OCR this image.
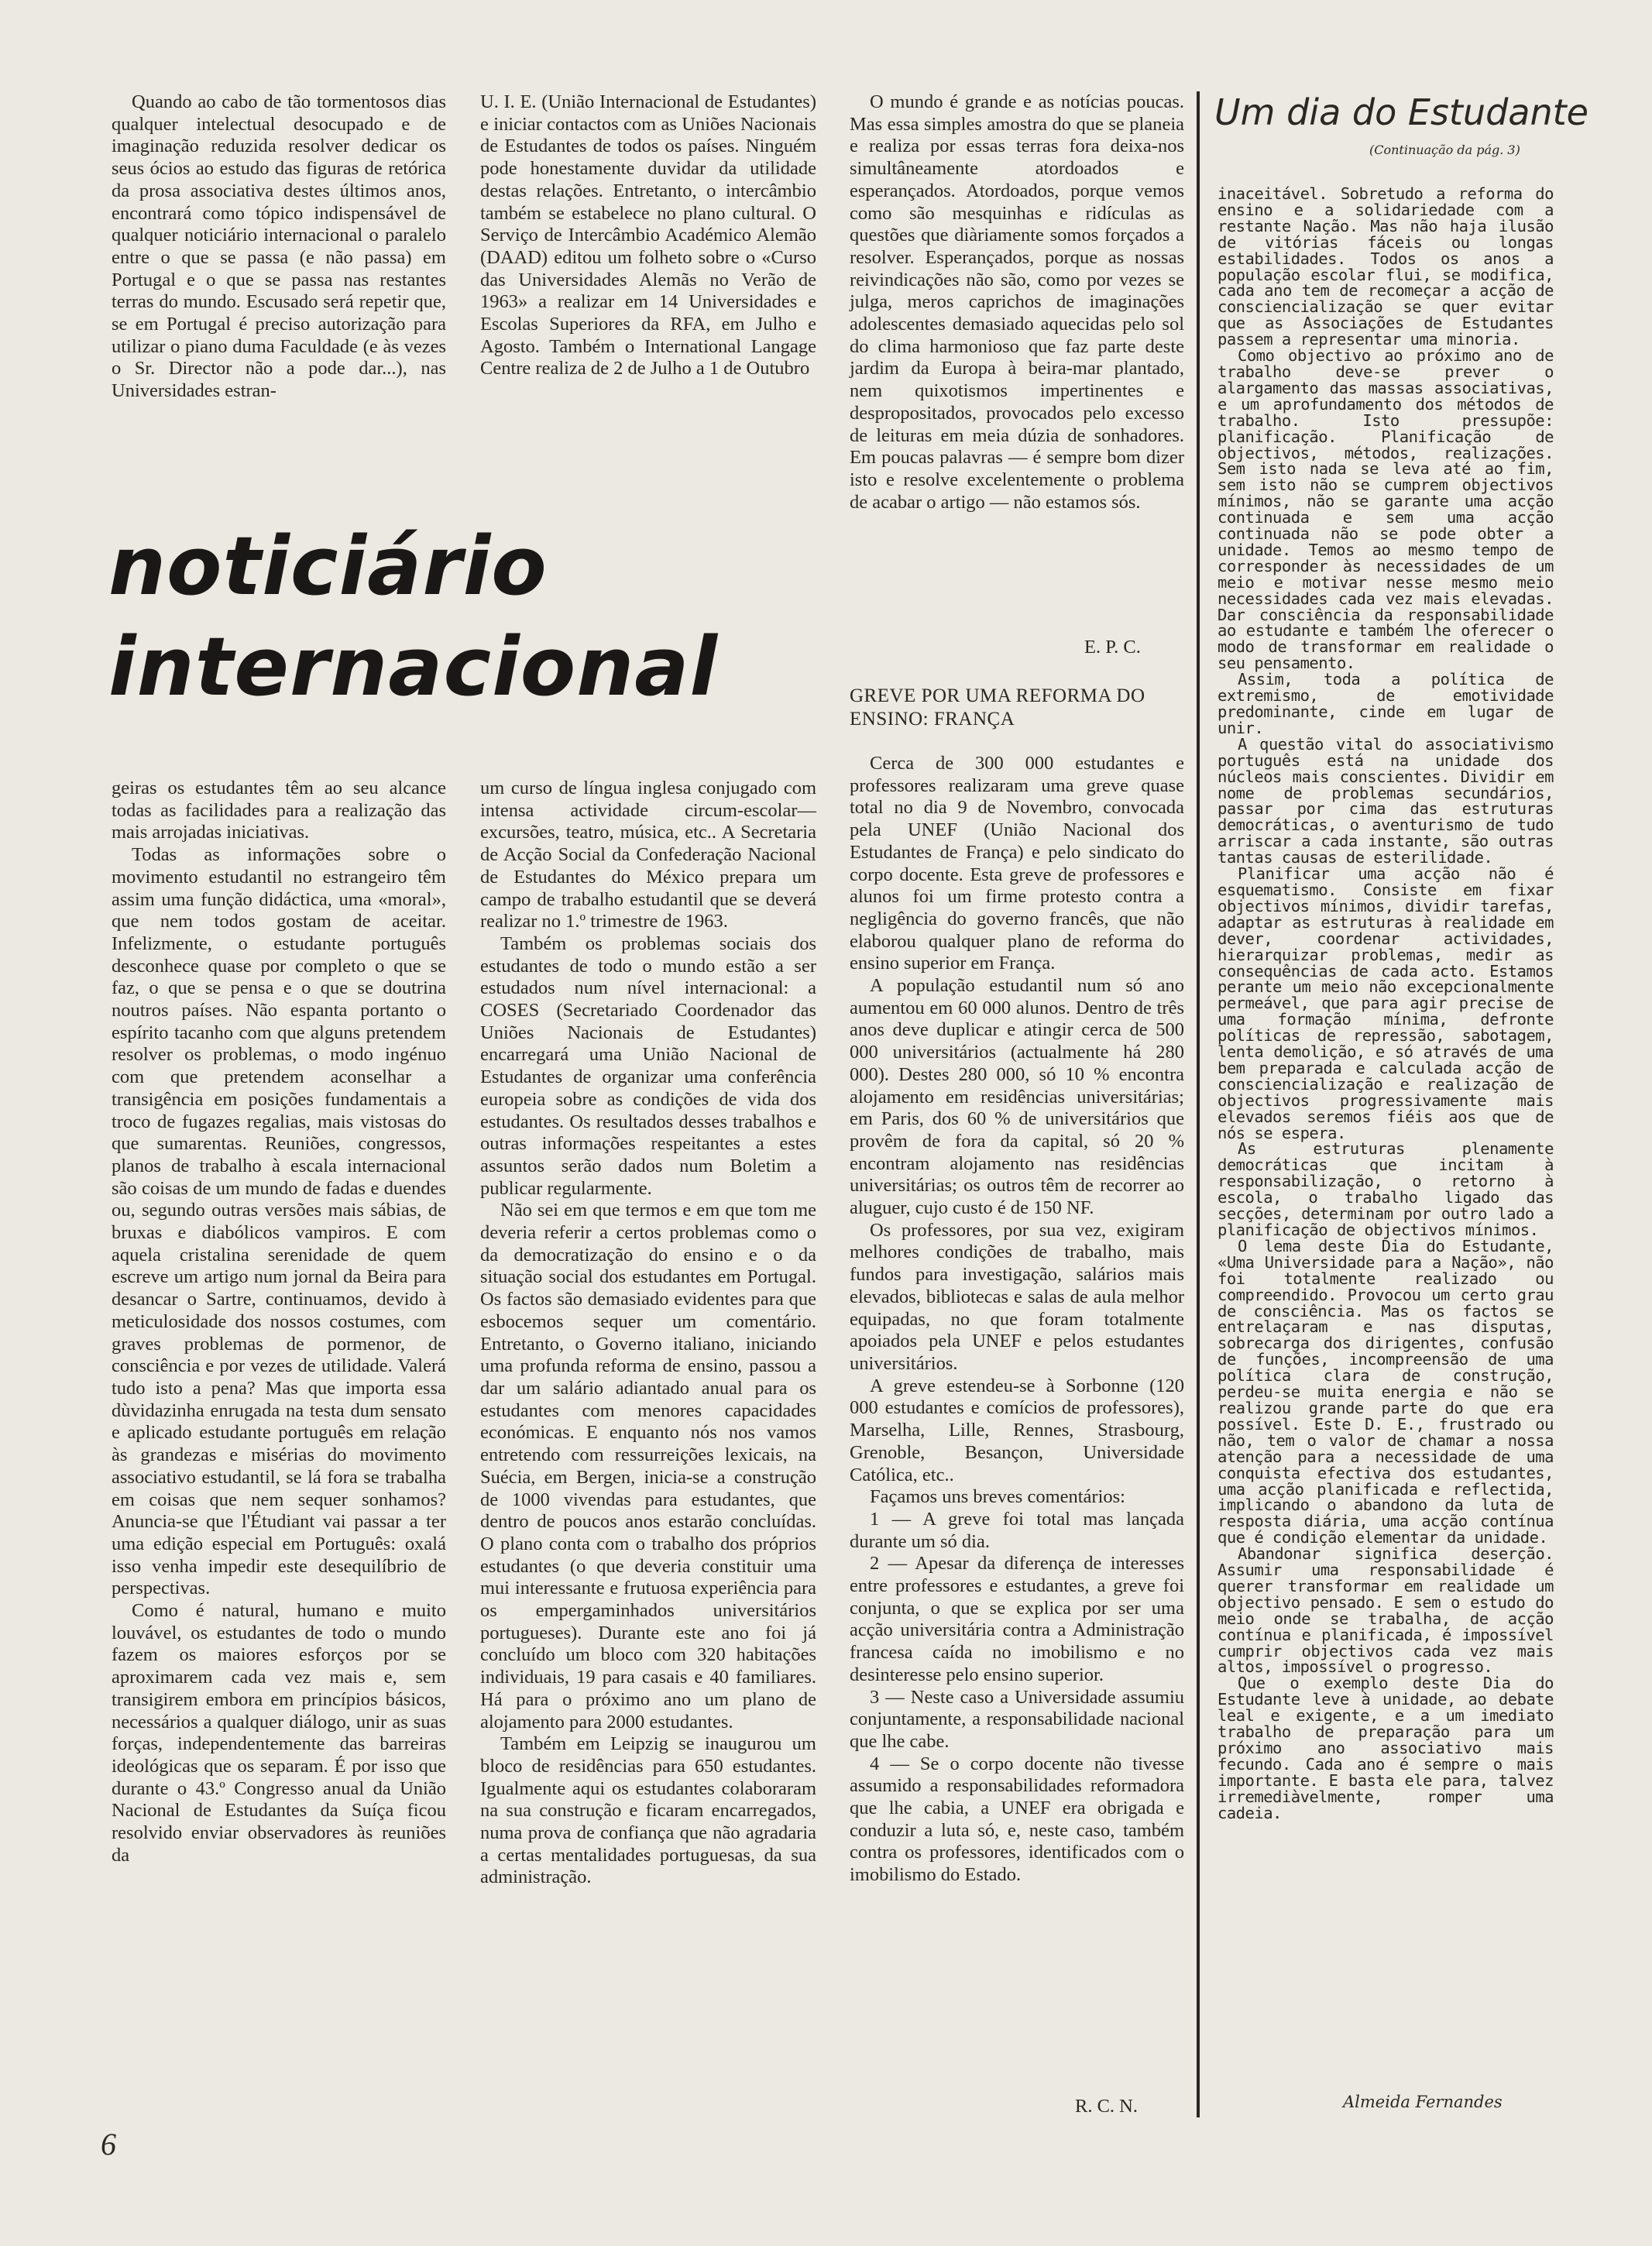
6

Quando ao cabo de tão tormentosos dias qualquer intelectual desocupado e de imaginação reduzida resolver dedicar os seus ócios ao estudo das figuras de retórica da prosa associativa destes últimos anos, encontrará como tópico indispensável de qualquer noticiário internacional o paralelo entre o que se passa (e não passa) em Portugal e o que se passa nas restantes terras do mundo. Escusado será repetir que, se em Portugal é preciso autorização para utilizar o piano duma Faculdade (e às vezes o Sr. Director não a pode dar...), nas Universidades estran-

noticiário
internacional

geiras os estudantes têm ao seu alcance todas as facilidades para a realização das mais arrojadas iniciativas.

Todas as informações sobre o movimento estudantil no estrangeiro têm assim uma função didáctica, uma «moral», que nem todos gostam de aceitar. Infelizmente, o estudante português desconhece quase por completo o que se faz, o que se pensa e o que se doutrina noutros países. Não espanta portanto o espírito tacanho com que alguns pretendem resolver os problemas, o modo ingénuo com que pretendem aconselhar a transigência em posições fundamentais a troco de fugazes regalias, mais vistosas do que sumarentas. Reuniões, congressos, planos de trabalho à escala internacional são coisas de um mundo de fadas e duendes ou, segundo outras versões mais sábias, de bruxas e diabólicos vampiros. E com aquela cristalina serenidade de quem escreve um artigo num jornal da Beira para desancar o Sartre, continuamos, devido à meticulosidade dos nossos costumes, com graves problemas de pormenor, de consciência e por vezes de utilidade. Valerá tudo isto a pena? Mas que importa essa dùvidazinha enrugada na testa dum sensato e aplicado estudante português em relação às grandezas e misérias do movimento associativo estudantil, se lá fora se trabalha em coisas que nem sequer sonhamos? Anuncia-se que l'Étudiant vai passar a ter uma edição especial em Português: oxalá isso venha impedir este desequilíbrio de perspectivas.

Como é natural, humano e muito louvável, os estudantes de todo o mundo fazem os maiores esforços por se aproximarem cada vez mais e, sem transigirem embora em princípios básicos, necessários a qualquer diálogo, unir as suas forças, independentemente das barreiras ideológicas que os separam. É por isso que durante o 43.º Congresso anual da União Nacional de Estudantes da Suíça ficou resolvido enviar observadores às reuniões da

U. I. E. (União Internacional de Estudantes) e iniciar contactos com as Uniões Nacionais de Estudantes de todos os países. Ninguém pode honestamente duvidar da utilidade destas relações. Entretanto, o intercâmbio também se estabelece no plano cultural. O Serviço de Intercâmbio Académico Alemão (DAAD) editou um folheto sobre o «Curso das Universidades Alemãs no Verão de 1963» a realizar em 14 Universidades e Escolas Superiores da RFA, em Julho e Agosto. Também o International Langage Centre realiza de 2 de Julho a 1 de Outubro

um curso de língua inglesa conjugado com intensa actividade circum-escolar—excursões, teatro, música, etc.. A Secretaria de Acção Social da Confederação Nacional de Estudantes do México prepara um campo de trabalho estudantil que se deverá realizar no 1.º trimestre de 1963.

Também os problemas sociais dos estudantes de todo o mundo estão a ser estudados num nível internacional: a COSES (Secretariado Coordenador das Uniões Nacionais de Estudantes) encarregará uma União Nacional de Estudantes de organizar uma conferência europeia sobre as condições de vida dos estudantes. Os resultados desses trabalhos e outras informações respeitantes a estes assuntos serão dados num Boletim a publicar regularmente.

Não sei em que termos e em que tom me deveria referir a certos problemas como o da democratização do ensino e o da situação social dos estudantes em Portugal. Os factos são demasiado evidentes para que esbocemos sequer um comentário. Entretanto, o Governo italiano, iniciando uma profunda reforma de ensino, passou a dar um salário adiantado anual para os estudantes com menores capacidades económicas. E enquanto nós nos vamos entretendo com ressurreições lexicais, na Suécia, em Bergen, inicia-se a construção de 1000 vivendas para estudantes, que dentro de poucos anos estarão concluídas. O plano conta com o trabalho dos próprios estudantes (o que deveria constituir uma mui interessante e frutuosa experiência para os empergaminhados universitários portugueses). Durante este ano foi já concluído um bloco com 320 habitações individuais, 19 para casais e 40 familiares. Há para o próximo ano um plano de alojamento para 2000 estudantes.

Também em Leipzig se inaugurou um bloco de residências para 650 estudantes. Igualmente aqui os estudantes colaboraram na sua construção e ficaram encarregados, numa prova de confiança que não agradaria a certas mentalidades portuguesas, da sua administração.

O mundo é grande e as notícias poucas. Mas essa simples amostra do que se planeia e realiza por essas terras fora deixa-nos simultâneamente atordoados e esperançados. Atordoados, porque vemos como são mesquinhas e ridículas as questões que diàriamente somos forçados a resolver. Esperançados, porque as nossas reivindicações não são, como por vezes se julga, meros caprichos de imaginações adolescentes demasiado aquecidas pelo sol do clima harmonioso que faz parte deste jardim da Europa à beira-mar plantado, nem quixotismos impertinentes e despropositados, provocados pelo excesso de leituras em meia dúzia de sonhadores. Em poucas palavras — é sempre bom dizer isto e resolve excelentemente o problema de acabar o artigo — não estamos sós.

E. P. C.
GREVE POR UMA REFORMA DO ENSINO: FRANÇA

Cerca de 300 000 estudantes e professores realizaram uma greve quase total no dia 9 de Novembro, convocada pela UNEF (União Nacional dos Estudantes de França) e pelo sindicato do corpo docente. Esta greve de professores e alunos foi um firme protesto contra a negligência do governo francês, que não elaborou qualquer plano de reforma do ensino superior em França.

A população estudantil num só ano aumentou em 60 000 alunos. Dentro de três anos deve duplicar e atingir cerca de 500 000 universitários (actualmente há 280 000). Destes 280 000, só 10 % encontra alojamento em residências universitárias; em Paris, dos 60 % de universitários que provêm de fora da capital, só 20 % encontram alojamento nas residências universitárias; os outros têm de recorrer ao aluguer, cujo custo é de 150 NF.

Os professores, por sua vez, exigiram melhores condições de trabalho, mais fundos para investigação, salários mais elevados, bibliotecas e salas de aula melhor equipadas, no que foram totalmente apoiados pela UNEF e pelos estudantes universitários.

A greve estendeu-se à Sorbonne (120 000 estudantes e comícios de professores), Marselha, Lille, Rennes, Strasbourg, Grenoble, Besançon, Universidade Católica, etc..

Façamos uns breves comentários:

1 — A greve foi total mas lançada durante um só dia.

2 — Apesar da diferença de interesses entre professores e estudantes, a greve foi conjunta, o que se explica por ser uma acção universitária contra a Administração francesa caída no imobilismo e no desinteresse pelo ensino superior.

3 — Neste caso a Universidade assumiu conjuntamente, a responsabilidade nacional que lhe cabe.

4 — Se o corpo docente não tivesse assumido a responsabilidades reformadora que lhe cabia, a UNEF era obrigada e conduzir a luta só, e, neste caso, também contra os professores, identificados com o imobilismo do Estado.

R. C. N.
Um dia do Estudante
(Continuação da pág. 3)

inaceitável. Sobretudo a reforma do ensino e a solidariedade com a restante Nação. Mas não haja ilusão de vitórias fáceis ou longas estabilidades. Todos os anos a população escolar flui, se modifica, cada ano tem de recomeçar a acção de consciencialização se quer evitar que as Associações de Estudantes passem a representar uma minoria.

Como objectivo ao próximo ano de trabalho deve-se prever o alargamento das massas associativas, e um aprofundamento dos métodos de trabalho. Isto pressupõe: planificação. Planificação de objectivos, métodos, realizações. Sem isto nada se leva até ao fim, sem isto não se cumprem objectivos mínimos, não se garante uma acção continuada e sem uma acção continuada não se pode obter a unidade. Temos ao mesmo tempo de corresponder às necessidades de um meio e motivar nesse mesmo meio necessidades cada vez mais elevadas. Dar consciência da responsabilidade ao estudante e também lhe oferecer o modo de transformar em realidade o seu pensamento.

Assim, toda a política de extremismo, de emotividade predominante, cinde em lugar de unir.

A questão vital do associativismo português está na unidade dos núcleos mais conscientes. Dividir em nome de problemas secundários, passar por cima das estruturas democráticas, o aventurismo de tudo arriscar a cada instante, são outras tantas causas de esterilidade.

Planificar uma acção não é esquematismo. Consiste em fixar objectivos mínimos, dividir tarefas, adaptar as estruturas à realidade em dever, coordenar actividades, hierarquizar problemas, medir as consequências de cada acto. Estamos perante um meio não excepcionalmente permeável, que para agir precise de uma formação mínima, defronte políticas de repressão, sabotagem, lenta demolição, e só através de uma bem preparada e calculada acção de consciencialização e realização de objectivos progressivamente mais elevados seremos fiéis aos que de nós se espera.

As estruturas plenamente democráticas que incitam à responsabilização, o retorno à escola, o trabalho ligado das secções, determinam por outro lado a planificação de objectivos mínimos.

O lema deste Dia do Estudante, «Uma Universidade para a Nação», não foi totalmente realizado ou compreendido. Provocou um certo grau de consciência. Mas os factos se entrelaçaram e nas disputas, sobrecarga dos dirigentes, confusão de funções, incompreensão de uma política clara de construção, perdeu-se muita energia e não se realizou grande parte do que era possível. Este D. E., frustrado ou não, tem o valor de chamar a nossa atenção para a necessidade de uma conquista efectiva dos estudantes, uma acção planificada e reflectida, implicando o abandono da luta de resposta diária, uma acção contínua que é condição elementar da unidade.

Abandonar significa deserção. Assumir uma responsabilidade é querer transformar em realidade um objectivo pensado. E sem o estudo do meio onde se trabalha, de acção contínua e planificada, é impossível cumprir objectivos cada vez mais altos, impossível o progresso.

Que o exemplo deste Dia do Estudante leve à unidade, ao debate leal e exigente, e a um imediato trabalho de preparação para um próximo ano associativo mais fecundo. Cada ano é sempre o mais importante. E basta ele para, talvez irremediàvelmente, romper uma cadeia.

Almeida Fernandes
